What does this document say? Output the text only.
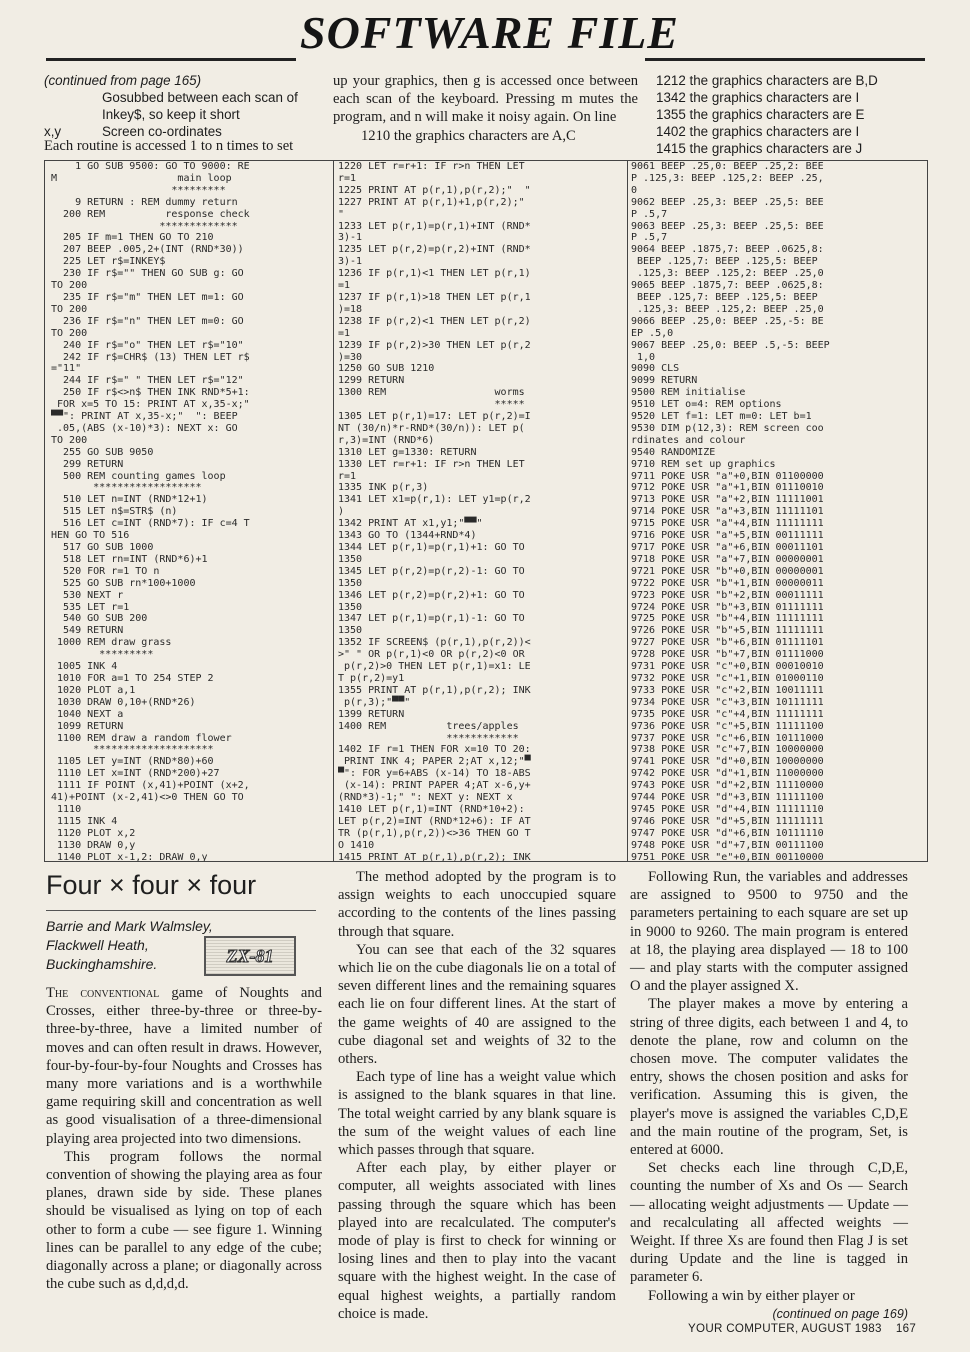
SOFTWARE FILE
(continued from page 165)
Gosubbed between each scan of
Inkey$, so keep it short
x,y	Screen co-ordinates
Each routine is accessed 1 to n times to set
up your graphics, then g is accessed once between each scan of the keyboard. Pressing m mutes the program, and n will make it noisy again. On line
1210 the graphics characters are A,C
1212 the graphics characters are B,D
1342 the graphics characters are I
1355 the graphics characters are E
1402 the graphics characters are I
1415 the graphics characters are J

1 GO SUB 9500: GO TO 9000: RE
M                    main loop
*********
9 RETURN : REM dummy return
200 REM          response check
*************
205 IF m=1 THEN GO TO 210
207 BEEP .005,2+(INT (RND*30))
225 LET r$=INKEY$
230 IF r$="" THEN GO SUB g: GO
TO 200
235 IF r$="m" THEN LET m=1: GO
TO 200
236 IF r$="n" THEN LET m=0: GO
TO 200
240 IF r$="o" THEN LET r$="10"
242 IF r$=CHR$ (13) THEN LET r$
="11"
244 IF r$=" " THEN LET r$="12"
250 IF r$<>n$ THEN INK RND*5+1:
FOR x=5 TO 15: PRINT AT x,35-x;"
▀▀": PRINT AT x,35-x;"  ": BEEP
.05,(ABS (x-10)*3): NEXT x: GO
TO 200
255 GO SUB 9050
299 RETURN
500 REM counting games loop
******************
510 LET n=INT (RND*12+1)
515 LET n$=STR$ (n)
516 LET c=INT (RND*7): IF c=4 T
HEN GO TO 516
517 GO SUB 1000
518 LET rn=INT (RND*6)+1
520 FOR r=1 TO n
525 GO SUB rn*100+1000
530 NEXT r
535 LET r=1
540 GO SUB 200
549 RETURN
1000 REM draw grass
*********
1005 INK 4
1010 FOR a=1 TO 254 STEP 2
1020 PLOT a,1
1030 DRAW 0,10+(RND*26)
1040 NEXT a
1099 RETURN
1100 REM draw a random flower
********************
1105 LET y=INT (RND*80)+60
1110 LET x=INT (RND*200)+27
1111 IF POINT (x,41)+POINT (x+2,
41)+POINT (x-2,41)<>0 THEN GO TO
1110
1115 INK 4
1120 PLOT x,2
1130 DRAW 0,y
1140 PLOT x-1,2: DRAW 0,y

1220 LET r=r+1: IF r>n THEN LET
r=1
1225 PRINT AT p(r,1),p(r,2);"  "
1227 PRINT AT p(r,1)+1,p(r,2);"
"
1233 LET p(r,1)=p(r,1)+INT (RND*
3)-1
1235 LET p(r,2)=p(r,2)+INT (RND*
3)-1
1236 IF p(r,1)<1 THEN LET p(r,1)
=1
1237 IF p(r,1)>18 THEN LET p(r,1
)=18
1238 IF p(r,2)<1 THEN LET p(r,2)
=1
1239 IF p(r,2)>30 THEN LET p(r,2
)=30
1250 GO SUB 1210
1299 RETURN
1300 REM                  worms
*****
1305 LET p(r,1)=17: LET p(r,2)=I
NT (30/n)*r-RND*(30/n)): LET p(
r,3)=INT (RND*6)
1310 LET g=1330: RETURN
1330 LET r=r+1: IF r>n THEN LET
r=1
1335 INK p(r,3)
1341 LET x1=p(r,1): LET y1=p(r,2
)
1342 PRINT AT x1,y1;"▀▀"
1343 GO TO (1344+RND*4)
1344 LET p(r,1)=p(r,1)+1: GO TO
1350
1345 LET p(r,2)=p(r,2)-1: GO TO
1350
1346 LET p(r,2)=p(r,2)+1: GO TO
1350
1347 LET p(r,1)=p(r,1)-1: GO TO
1350
1352 IF SCREEN$ (p(r,1),p(r,2))<
>" " OR p(r,1)<0 OR p(r,2)<0 OR
p(r,2)>0 THEN LET p(r,1)=x1: LE
T p(r,2)=y1
1355 PRINT AT p(r,1),p(r,2); INK
p(r,3);"▀▀"
1399 RETURN
1400 REM          trees/apples
************
1402 IF r=1 THEN FOR x=10 TO 20:
PRINT INK 4; PAPER 2;AT x,12;"▀
▀": FOR y=6+ABS (x-14) TO 18-ABS
(x-14): PRINT PAPER 4;AT x-6,y+
(RND*3)-1;" ": NEXT y: NEXT x
1410 LET p(r,1)=INT (RND*10+2):
LET p(r,2)=INT (RND*12+6): IF AT
TR (p(r,1),p(r,2))<>36 THEN GO T
O 1410
1415 PRINT AT p(r,1),p(r,2); INK

9061 BEEP .25,0: BEEP .25,2: BEE
P .125,3: BEEP .125,2: BEEP .25,
0
9062 BEEP .25,3: BEEP .25,5: BEE
P .5,7
9063 BEEP .25,3: BEEP .25,5: BEE
P .5,7
9064 BEEP .1875,7: BEEP .0625,8:
BEEP .125,7: BEEP .125,5: BEEP
.125,3: BEEP .125,2: BEEP .25,0
9065 BEEP .1875,7: BEEP .0625,8:
BEEP .125,7: BEEP .125,5: BEEP
.125,3: BEEP .125,2: BEEP .25,0
9066 BEEP .25,0: BEEP .25,-5: BE
EP .5,0
9067 BEEP .25,0: BEEP .5,-5: BEEP
1,0
9090 CLS
9099 RETURN
9500 REM initialise
9510 LET o=4: REM options
9520 LET f=1: LET m=0: LET b=1
9530 DIM p(12,3): REM screen coo
rdinates and colour
9540 RANDOMIZE
9710 REM set up graphics
9711 POKE USR "a"+0,BIN 01100000
9712 POKE USR "a"+1,BIN 01110010
9713 POKE USR "a"+2,BIN 11111001
9714 POKE USR "a"+3,BIN 11111101
9715 POKE USR "a"+4,BIN 11111111
9716 POKE USR "a"+5,BIN 00111111
9717 POKE USR "a"+6,BIN 00011101
9718 POKE USR "a"+7,BIN 00000001
9721 POKE USR "b"+0,BIN 00000001
9722 POKE USR "b"+1,BIN 00000011
9723 POKE USR "b"+2,BIN 00011111
9724 POKE USR "b"+3,BIN 01111111
9725 POKE USR "b"+4,BIN 11111111
9726 POKE USR "b"+5,BIN 11111111
9727 POKE USR "b"+6,BIN 01111101
9728 POKE USR "b"+7,BIN 01111000
9731 POKE USR "c"+0,BIN 00010010
9732 POKE USR "c"+1,BIN 01000110
9733 POKE USR "c"+2,BIN 10011111
9734 POKE USR "c"+3,BIN 10111111
9735 POKE USR "c"+4,BIN 11111111
9736 POKE USR "c"+5,BIN 11111100
9737 POKE USR "c"+6,BIN 10111000
9738 POKE USR "c"+7,BIN 10000000
9741 POKE USR "d"+0,BIN 10000000
9742 POKE USR "d"+1,BIN 11000000
9743 POKE USR "d"+2,BIN 11110000
9744 POKE USR "d"+3,BIN 11111100
9745 POKE USR "d"+4,BIN 11111110
9746 POKE USR "d"+5,BIN 11111111
9747 POKE USR "d"+6,BIN 10111110
9748 POKE USR "d"+7,BIN 00111100
9751 POKE USR "e"+0,BIN 00110000

Four × four × four
Barrie and Mark Walmsley,
Flackwell Heath,
Buckinghamshire.	ZX-81

The conventional game of Noughts and Crosses, either three-by-three or three-by-three-by-three, have a limited number of moves and can often result in draws. However, four-by-four-by-four Noughts and Crosses has many more variations and is a worthwhile game requiring skill and concentration as well as good visualisation of a three-dimensional playing area projected into two dimensions.

This program follows the normal convention of showing the playing area as four planes, drawn side by side. These planes should be visualised as lying on top of each other to form a cube — see figure 1. Winning lines can be parallel to any edge of the cube; diagonally across a plane; or diagonally across the cube such as d,d,d,d.

The method adopted by the program is to assign weights to each unoccupied square according to the contents of the lines passing through that square.

You can see that each of the 32 squares which lie on the cube diagonals lie on a total of seven different lines and the remaining squares each lie on four different lines. At the start of the game weights of 40 are assigned to the cube diagonal set and weights of 32 to the others.

Each type of line has a weight value which is assigned to the blank squares in that line. The total weight carried by any blank square is the sum of the weight values of each line which passes through that square.

After each play, by either player or computer, all weights associated with lines passing through the square which has been played into are recalculated. The computer's mode of play is first to check for winning or losing lines and then to play into the vacant square with the highest weight. In the case of equal highest weights, a partially random choice is made.

Following Run, the variables and addresses are assigned to 9500 to 9750 and the parameters pertaining to each square are set up in 9000 to 9260. The main program is entered at 18, the playing area displayed — 18 to 100 — and play starts with the computer assigned O and the player assigned X.

The player makes a move by entering a string of three digits, each between 1 and 4, to denote the plane, row and column on the chosen move. The computer validates the entry, shows the chosen position and asks for verification. Assuming this is given, the player's move is assigned the variables C,D,E and the main routine of the program, Set, is entered at 6000.

Set checks each line through C,D,E, counting the number of Xs and Os — Search — allocating weight adjustments — Update — and recalculating all affected weights — Weight. If three Xs are found then Flag J is set during Update and the line is tagged in parameter 6.

Following a win by either player or

(continued on page 169)

YOUR COMPUTER, AUGUST 1983    167
